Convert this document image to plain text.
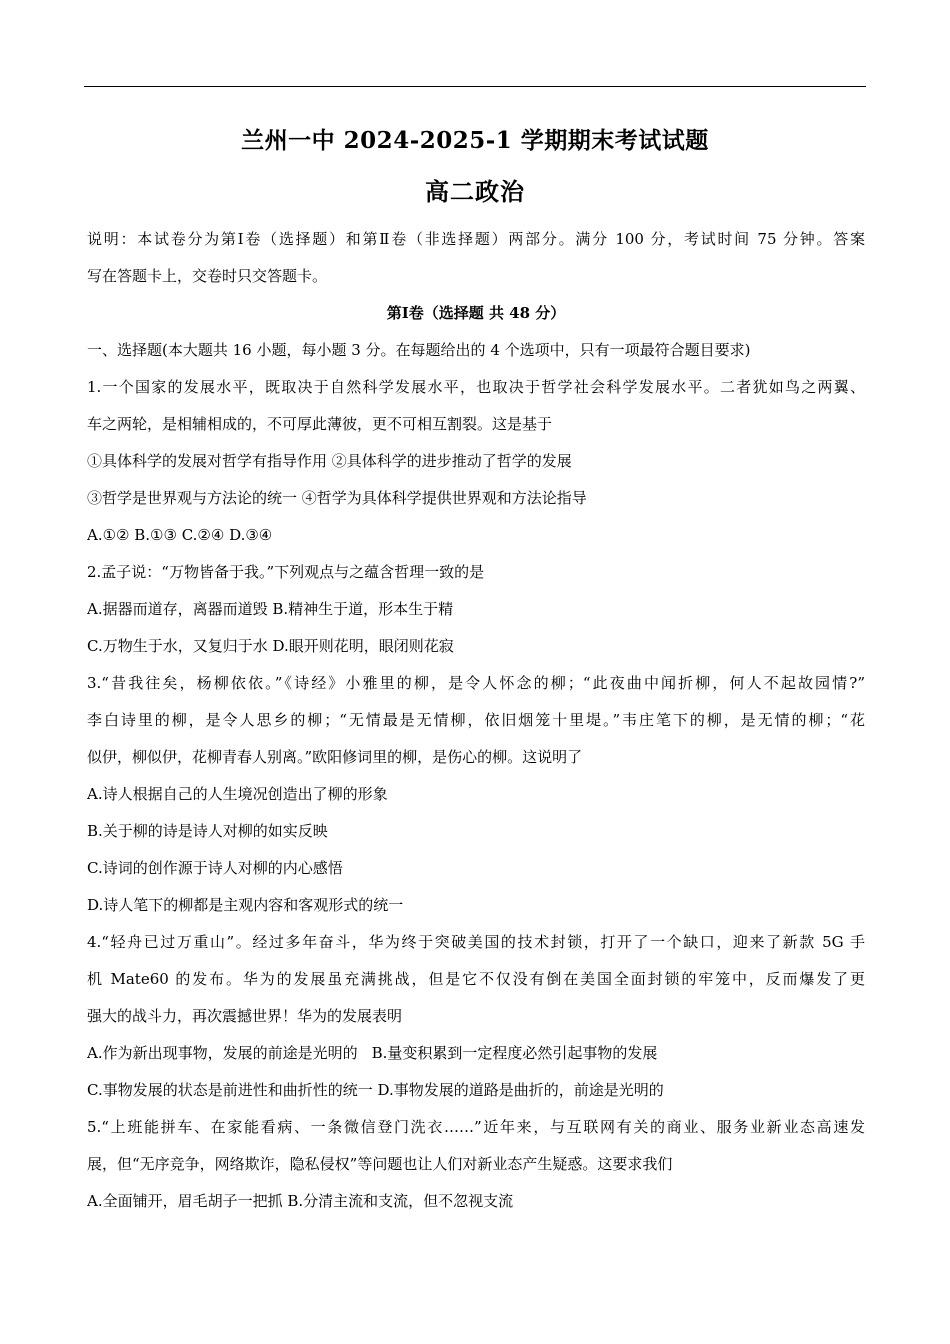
兰州一中 2024-2025-1 学期期末考试试题
高二政治
说明：本试卷分为第Ⅰ卷（选择题）和第Ⅱ卷（非选择题）两部分。满分 100 分，考试时间 75 分钟。答案
写在答题卡上，交卷时只交答题卡。
第Ⅰ卷（选择题 共 48 分）
一、选择题(本大题共 16 小题，每小题 3 分。在每题给出的 4 个选项中，只有一项最符合题目要求)
1.一个国家的发展水平，既取决于自然科学发展水平，也取决于哲学社会科学发展水平。二者犹如鸟之两翼、
车之两轮，是相辅相成的，不可厚此薄彼，更不可相互割裂。这是基于
①具体科学的发展对哲学有指导作用 ②具体科学的进步推动了哲学的发展
③哲学是世界观与方法论的统一 ④哲学为具体科学提供世界观和方法论指导
A.①② B.①③ C.②④ D.③④
2.孟子说：“万物皆备于我。”下列观点与之蕴含哲理一致的是
A.据器而道存，离器而道毁 B.精神生于道，形本生于精
C.万物生于水，又复归于水 D.眼开则花明，眼闭则花寂
3.“昔我往矣，杨柳依依。”《诗经》小雅里的柳，是令人怀念的柳；“此夜曲中闻折柳，何人不起故园情?”
李白诗里的柳，是令人思乡的柳；“无情最是无情柳，依旧烟笼十里堤。”韦庄笔下的柳，是无情的柳；“花
似伊，柳似伊，花柳青春人别离。”欧阳修词里的柳，是伤心的柳。这说明了
A.诗人根据自己的人生境况创造出了柳的形象
B.关于柳的诗是诗人对柳的如实反映
C.诗词的创作源于诗人对柳的内心感悟
D.诗人笔下的柳都是主观内容和客观形式的统一
4.“轻舟已过万重山”。经过多年奋斗，华为终于突破美国的技术封锁，打开了一个缺口，迎来了新款 5G 手
机 Mate60 的发布。华为的发展虽充满挑战，但是它不仅没有倒在美国全面封锁的牢笼中，反而爆发了更
强大的战斗力，再次震撼世界！华为的发展表明
A.作为新出现事物，发展的前途是光明的 B.量变积累到一定程度必然引起事物的发展
C.事物发展的状态是前进性和曲折性的统一 D.事物发展的道路是曲折的，前途是光明的
5.“上班能拼车、在家能看病、一条微信登门洗衣……”近年来，与互联网有关的商业、服务业新业态高速发
展，但“无序竞争，网络欺诈，隐私侵权”等问题也让人们对新业态产生疑惑。这要求我们
A.全面铺开，眉毛胡子一把抓 B.分清主流和支流，但不忽视支流
